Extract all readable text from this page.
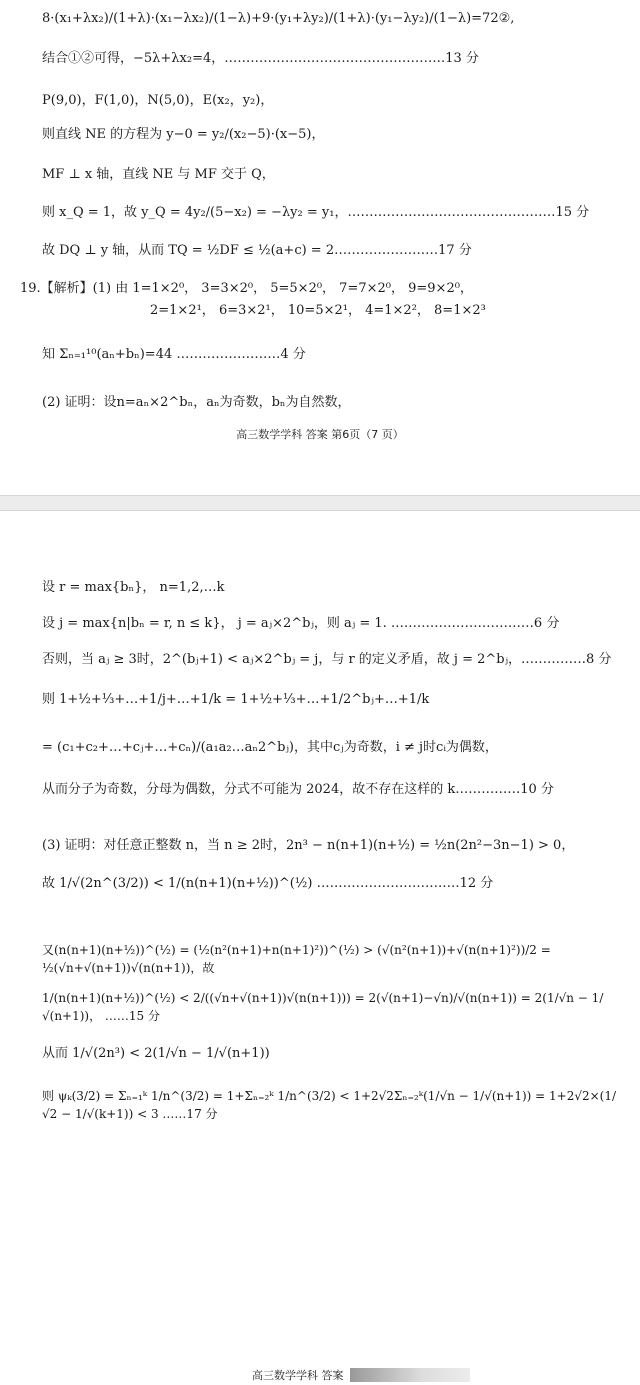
8·(x₁+λx₂)/(1+λ)·(x₁−λx₂)/(1−λ)+9·(y₁+λy₂)/(1+λ)·(y₁−λy₂)/(1−λ)=72②,
结合①②可得，−5λ+λx₂=4，……………………………………………13 分
P(9,0)，F(1,0)，N(5,0)，E(x₂，y₂)，
则直线 NE 的方程为 y−0 = y₂/(x₂−5)·(x−5)，
MF ⊥ x 轴，直线 NE 与 MF 交于 Q，
则 x_Q = 1，故 y_Q = 4y₂/(5−x₂) = −λy₂ = y₁，…………………………………………15 分
故 DQ ⊥ y 轴，从而 TQ = ½DF ≤ ½(a+c) = 2……………………17 分
19.【解析】(1) 由 1=1×2⁰， 3=3×2⁰， 5=5×2⁰， 7=7×2⁰， 9=9×2⁰，
2=1×2¹， 6=3×2¹， 10=5×2¹， 4=1×2²， 8=1×2³
知 Σₙ₌₁¹⁰(aₙ+bₙ)=44 ……………………4 分
(2) 证明：设n=aₙ×2^bₙ，aₙ为奇数，bₙ为自然数，
高三数学学科 答案 第6页（7 页）
设 r = max{bₙ}， n=1,2,…k
设 j = max{n|bₙ = r, n ≤ k}， j = aⱼ×2^bⱼ，则 aⱼ = 1. ……………………………6 分
否则，当 aⱼ ≥ 3时，2^(bⱼ+1) < aⱼ×2^bⱼ = j，与 r 的定义矛盾，故 j = 2^bⱼ，……………8 分
则 1+½+⅓+…+1/j+…+1/k = 1+½+⅓+…+1/2^bⱼ+…+1/k
= (c₁+c₂+…+cⱼ+…+cₙ)/(a₁a₂…aₙ2^bⱼ)，其中cⱼ为奇数，i ≠ j时cᵢ为偶数，
从而分子为奇数，分母为偶数，分式不可能为 2024，故不存在这样的 k……………10 分
(3) 证明：对任意正整数 n，当 n ≥ 2时，2n³ − n(n+1)(n+½) = ½n(2n²−3n−1) > 0，
故 1/√(2n^(3/2)) < 1/(n(n+1)(n+½))^(½) ……………………………12 分
又(n(n+1)(n+½))^(½) = (½(n²(n+1)+n(n+1)²))^(½) > (√(n²(n+1))+√(n(n+1)²))/2 = ½(√n+√(n+1))√(n(n+1))，故
1/(n(n+1)(n+½))^(½) < 2/((√n+√(n+1))√(n(n+1))) = 2(√(n+1)−√n)/√(n(n+1)) = 2(1/√n − 1/√(n+1))， ……15 分
从而 1/√(2n³) < 2(1/√n − 1/√(n+1))
则 ψₖ(3/2) = Σₙ₌₁ᵏ 1/n^(3/2) = 1+Σₙ₌₂ᵏ 1/n^(3/2) < 1+2√2Σₙ₌₂ᵏ(1/√n − 1/√(n+1)) = 1+2√2×(1/√2 − 1/√(k+1)) < 3 ……17 分
高三数学学科 答案
